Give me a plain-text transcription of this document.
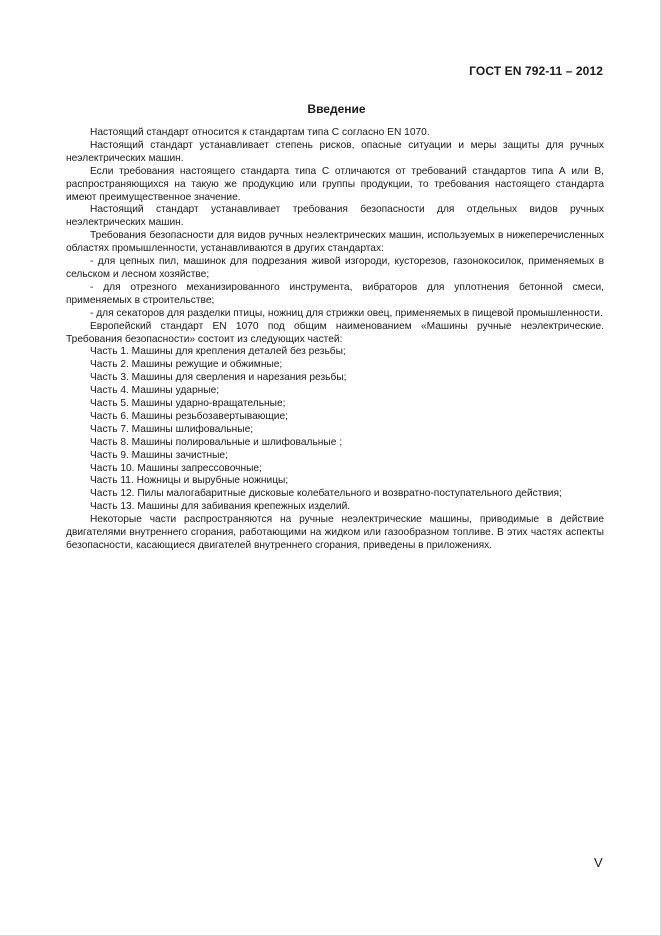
ГОСТ EN 792-11 – 2012
Введение

Настоящий стандарт относится к стандартам типа С согласно EN 1070.

Настоящий стандарт устанавливает степень рисков, опасные ситуации и меры защиты для ручных неэлектрических машин.

Если требования настоящего стандарта типа С отличаются от требований стандартов типа А или В, распространяющихся на такую же продукцию или группы продукции, то требования настоящего стандарта имеют преимущественное значение.

Настоящий стандарт устанавливает требования безопасности для отдельных видов ручных неэлектрических машин.

Требования безопасности для видов ручных неэлектрических машин, используемых в нижеперечисленных областях промышленности, устанавливаются в других стандартах:

- для цепных пил, машинок для подрезания живой изгороди, кусторезов, газонокосилок, применяемых в сельском и лесном хозяйстве;

- для отрезного механизированного инструмента, вибраторов для уплотнения бетонной смеси, применяемых в строительстве;

- для секаторов для разделки птицы, ножниц для стрижки овец, применяемых в пищевой промышленности.

Европейский стандарт EN 1070 под общим наименованием «Машины ручные неэлектрические. Требования безопасности» состоит из следующих частей:

Часть 1. Машины для крепления деталей без резьбы;

Часть 2. Машины режущие и обжимные;

Часть 3. Машины для сверления и нарезания резьбы;

Часть 4. Машины ударные;

Часть 5. Машины ударно-вращательные;

Часть 6. Машины резьбозавертывающие;

Часть 7. Машины шлифовальные;

Часть 8. Машины полировальные и шлифовальные ;

Часть 9. Машины зачистные;

Часть 10. Машины запрессовочные;

Часть 11. Ножницы и вырубные ножницы;

Часть 12. Пилы малогабаритные дисковые колебательного и возвратно-поступательного действия;

Часть 13. Машины для забивания крепежных изделий.

Некоторые части распространяются на ручные неэлектрические машины, приводимые в действие двигателями внутреннего сгорания, работающими на жидком или газообразном топливе. В этих частях аспекты безопасности, касающиеся двигателей внутреннего сгорания, приведены в приложениях.

V
